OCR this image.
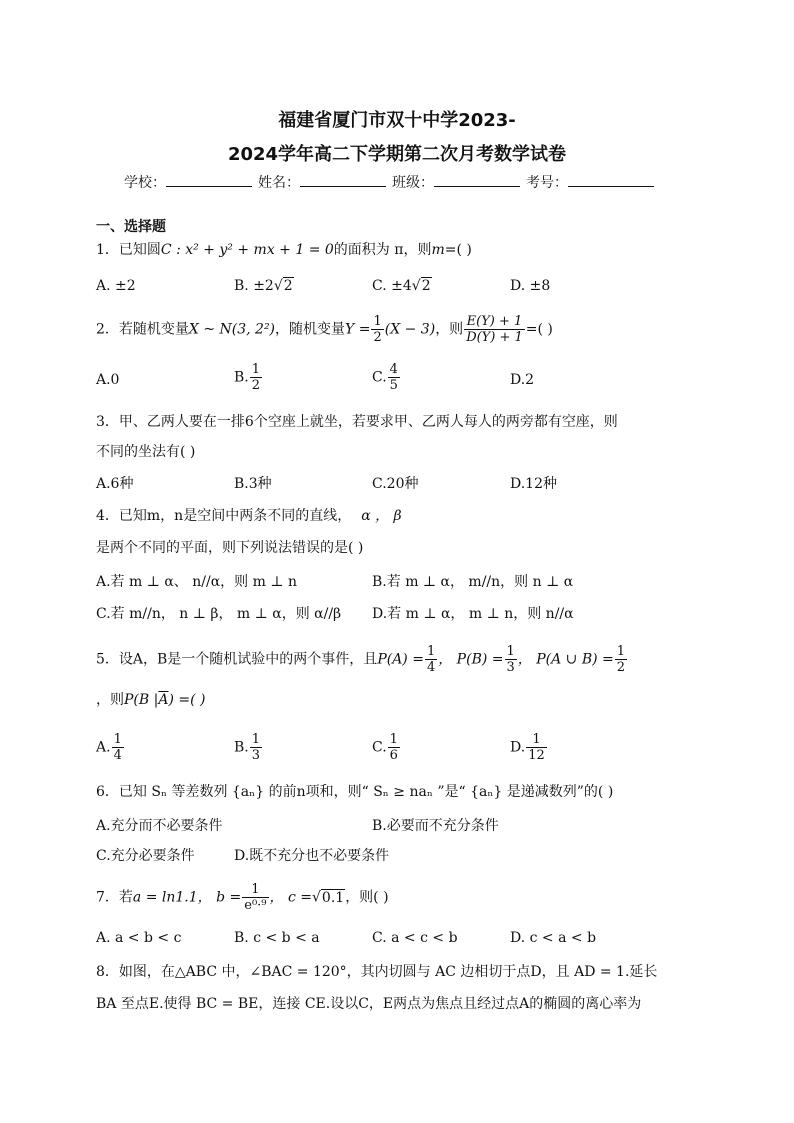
福建省厦门市双十中学2023-
2024学年高二下学期第二次月考数学试卷
学校：	姓名：	班级：	考号：
一、选择题
1．已知圆C : x² + y² + mx + 1 = 0的面积为 π，则m=( )
A. ±2	B. ±2√2	C. ±4√2	D. ±8
2．若随机变量X ~ N(3, 2²)，随机变量$Y = \frac{1}{2} (X - 3)$，则 $\frac{E(Y) + 1}{D(Y) + 1}$ =( )
A.0	B. $\frac{1}{2}$	C. $\frac{4}{5}$	D.2
3．甲、乙两人要在一排6个空座上就坐，若要求甲、乙两人每人的两旁都有空座，则
不同的坐法有( )
A.6种	B.3种	C.20种	D.12种
4．已知m，n是空间中两条不同的直线， α ， β
是两个不同的平面，则下列说法错误的是( )
A.若 m ⊥ α、 n//α，则 m ⊥ n	B.若 m ⊥ α， m//n，则 n ⊥ α
C.若 m//n， n ⊥ β， m ⊥ α，则 α//β D.若 m ⊥ α， m ⊥ n，则 n//α
5．设A，B是一个随机试验中的两个事件，且$P(A) = \frac{1}{4}$ ， $P(B) = \frac{1}{3}$ ， P(A ∪ $B) = \frac{1}{2}$
，则P(B $|\overline{A}$) =( )
A. $\frac{1}{4}$	B. $\frac{1}{3}$	C. $\frac{1}{6}$	D. $\frac{1}{12}$
6．已知 Sₙ 等差数列 {aₙ} 的前n项和，则“ Sₙ ≥ naₙ ”是“ {aₙ} 是递减数列”的( )
A.充分而不必要条件	B.必要而不充分条件
C.充分必要条件	D.既不充分也不必要条件
7．若a = ln1.1， $b = \frac{1}{\text{e⁰·⁹}}$ ， c =√0.1，则( )
A. a < b < c	B. c < b < a	C. a < c < b	D. c < a < b
8．如图，在△ABC 中，∠BAC = 120°，其内切圆与 AC 边相切于点D，且 AD = 1.延长
BA 至点E.使得 BC = BE，连接 CE.设以C，E两点为焦点且经过点A的椭圆的离心率为
